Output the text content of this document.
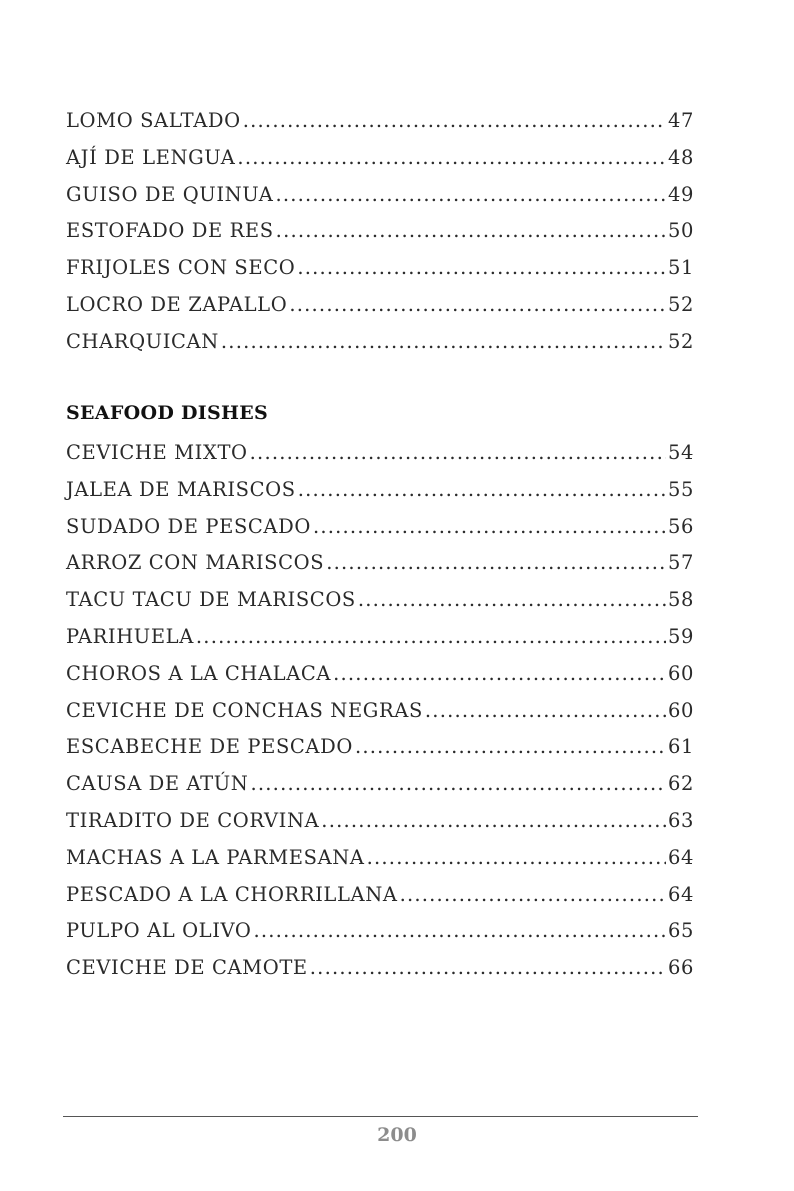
LOMO SALTADO .....	47
AJÍ DE LENGUA .....	48
GUISO DE QUINUA .....	49
ESTOFADO DE RES .....	50
FRIJOLES CON SECO .....	51
LOCRO DE ZAPALLO .....	52
CHARQUICAN .....	52
SEAFOOD DISHES
CEVICHE MIXTO .....	54
JALEA DE MARISCOS .....	55
SUDADO DE PESCADO .....	56
ARROZ CON MARISCOS .....	57
TACU TACU DE MARISCOS .....	58
PARIHUELA .....	59
CHOROS A LA CHALACA .....	60
CEVICHE DE CONCHAS NEGRAS .....	60
ESCABECHE DE PESCADO .....	61
CAUSA DE ATÚN .....	62
TIRADITO DE CORVINA .....	63
MACHAS A LA PARMESANA .....	64
PESCADO A LA CHORRILLANA .....	64
PULPO AL OLIVO .....	65
CEVICHE DE CAMOTE .....	66
200
